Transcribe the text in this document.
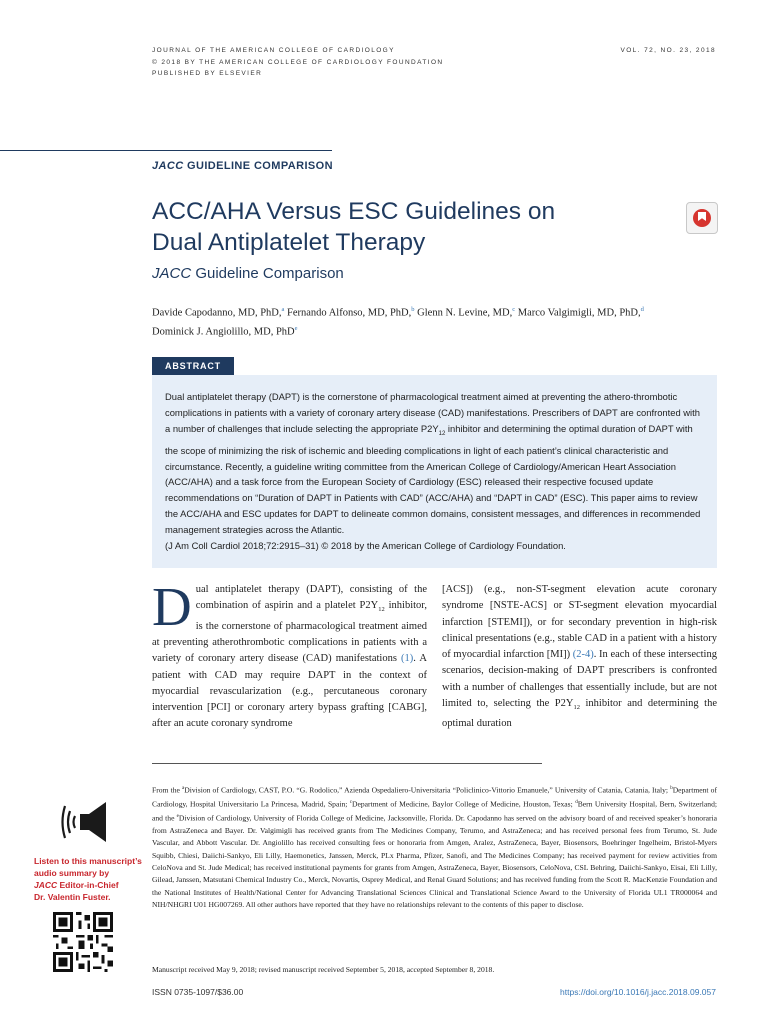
JOURNAL OF THE AMERICAN COLLEGE OF CARDIOLOGY
© 2018 BY THE AMERICAN COLLEGE OF CARDIOLOGY FOUNDATION
PUBLISHED BY ELSEVIER
VOL. 72, NO. 23, 2018
JACC GUIDELINE COMPARISON
ACC/AHA Versus ESC Guidelines on
Dual Antiplatelet Therapy
JACC Guideline Comparison
Davide Capodanno, MD, PhD,$^a$ Fernando Alfonso, MD, PhD,$^b$ Glenn N. Levine, MD,$^c$ Marco Valgimigli, MD, PhD,$^d$
Dominick J. Angiolillo, MD, PhD$^e$
ABSTRACT

Dual antiplatelet therapy (DAPT) is the cornerstone of pharmacological treatment aimed at preventing the athero-thrombotic complications in patients with a variety of coronary artery disease (CAD) manifestations. Prescribers of DAPT are confronted with a number of challenges that include selecting the appropriate $P2Y_{12}$ inhibitor and determining the optimal duration of DAPT with the scope of minimizing the risk of ischemic and bleeding complications in light of each patient’s clinical characteristic and circumstance. Recently, a guideline writing committee from the American College of Cardiology/American Heart Association (ACC/AHA) and a task force from the European Society of Cardiology (ESC) released their respective focused update recommendations on “Duration of DAPT in Patients with CAD” (ACC/AHA) and “DAPT in CAD” (ESC). This paper aims to review the ACC/AHA and ESC updates for DAPT to delineate common domains, consistent messages, and differences in recommended management strategies across the Atlantic.
(J Am Coll Cardiol 2018;72:2915–31) © 2018 by the American College of Cardiology Foundation.

Dual antiplatelet therapy (DAPT), consisting of the combination of aspirin and a platelet $P2Y_{12}$ inhibitor, is the cornerstone of pharmacological treatment aimed at preventing atherothrombotic complications in patients with a variety of coronary artery disease (CAD) manifestations (1). A patient with CAD may require DAPT in the context of myocardial revascularization (e.g., percutaneous coronary intervention [PCI] or coronary artery bypass grafting [CABG], after an acute coronary syndrome
[ACS]) (e.g., non-ST-segment elevation acute coronary syndrome [NSTE-ACS] or ST-segment elevation myocardial infarction [STEMI]), or for secondary prevention in high-risk clinical presentations (e.g., stable CAD in a patient with a history of myocardial infarction [MI]) (2-4). In each of these intersecting scenarios, decision-making of DAPT prescribers is confronted with a number of challenges that essentially include, but are not limited to, selecting the $P2Y_{12}$ inhibitor and determining the optimal duration
Listen to this manuscript’s
audio summary by
JACC Editor-in-Chief
Dr. Valentin Fuster.
From the $^a$Division of Cardiology, CAST, P.O. “G. Rodolico,” Azienda Ospedaliero-Universitaria “Policlinico-Vittorio Emanuele,” University of Catania, Catania, Italy; $^b$Department of Cardiology, Hospital Universitario La Princesa, Madrid, Spain; $^c$Department of Medicine, Baylor College of Medicine, Houston, Texas; $^d$Bern University Hospital, Bern, Switzerland; and the $^e$Division of Cardiology, University of Florida College of Medicine, Jacksonville, Florida. Dr. Capodanno has served on the advisory board of and received speaker’s honoraria from AstraZeneca and Bayer. Dr. Valgimigli has received grants from The Medicines Company, Terumo, and AstraZeneca; and has received personal fees from Terumo, St. Jude Vascular, and Abbott Vascular. Dr. Angiolillo has received consulting fees or honoraria from Amgen, Aralez, AstraZeneca, Bayer, Biosensors, Boehringer Ingelheim, Bristol-Myers Squibb, Chiesi, Daiichi-Sankyo, Eli Lilly, Haemonetics, Janssen, Merck, PLx Pharma, Pfizer, Sanofi, and The Medicines Company; has received payment for review activities from CeloNova and St. Jude Medical; has received institutional payments for grants from Amgen, AstraZeneca, Bayer, Biosensors, CeloNova, CSL Behring, Daiichi-Sankyo, Eisai, Eli Lilly, Gilead, Janssen, Matsutani Chemical Industry Co., Merck, Novartis, Osprey Medical, and Renal Guard Solutions; and has received funding from the Scott R. MacKenzie Foundation and the National Institutes of Health/National Center for Advancing Translational Sciences Clinical and Translational Science Award to the University of Florida UL1 TR000064 and NIH/NHGRI U01 HG007269. All other authors have reported that they have no relationships relevant to the contents of this paper to disclose.
Manuscript received May 9, 2018; revised manuscript received September 5, 2018, accepted September 8, 2018.
ISSN 0735-1097/$36.00	https://doi.org/10.1016/j.jacc.2018.09.057
